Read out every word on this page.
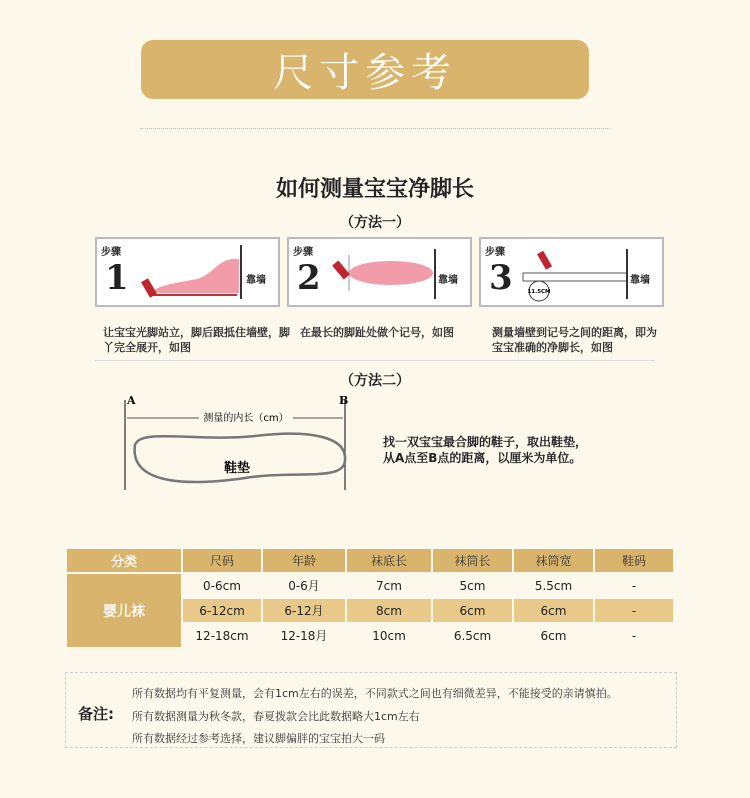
尺寸参考
如何测量宝宝净脚长
（方法一）
步骤
1	靠墙
步骤
2	靠墙
步骤
3	11.5CM
靠墙
让宝宝光脚站立，脚后跟抵住墙壁，脚丫完全展开，如图
在最长的脚趾处做个记号，如图	测量墙壁到记号之间的距离，即为宝宝准确的净脚长，如图
（方法二）
A	B
测量的内长（cm）
鞋垫
找一双宝宝最合脚的鞋子，取出鞋垫，
从A点至B点的距离，以厘米为单位。
分类	尺码	年龄	袜底长	袜筒长	袜筒宽	鞋码
婴儿袜	0-6cm	0-6月	7cm	5cm	5.5cm	-
	6-12cm	6-12月	8cm	6cm	6cm	-
	12-18cm	12-18月	10cm	6.5cm	6cm	-
备注:
所有数据均有平复测量，会有1cm左右的误差，不同款式之间也有细微差异，不能接受的亲请慎拍。
所有数据测量为秋冬款，春夏拨款会比此数据略大1cm左右
所有数据经过参考选择，建议脚偏胖的宝宝拍大一码
